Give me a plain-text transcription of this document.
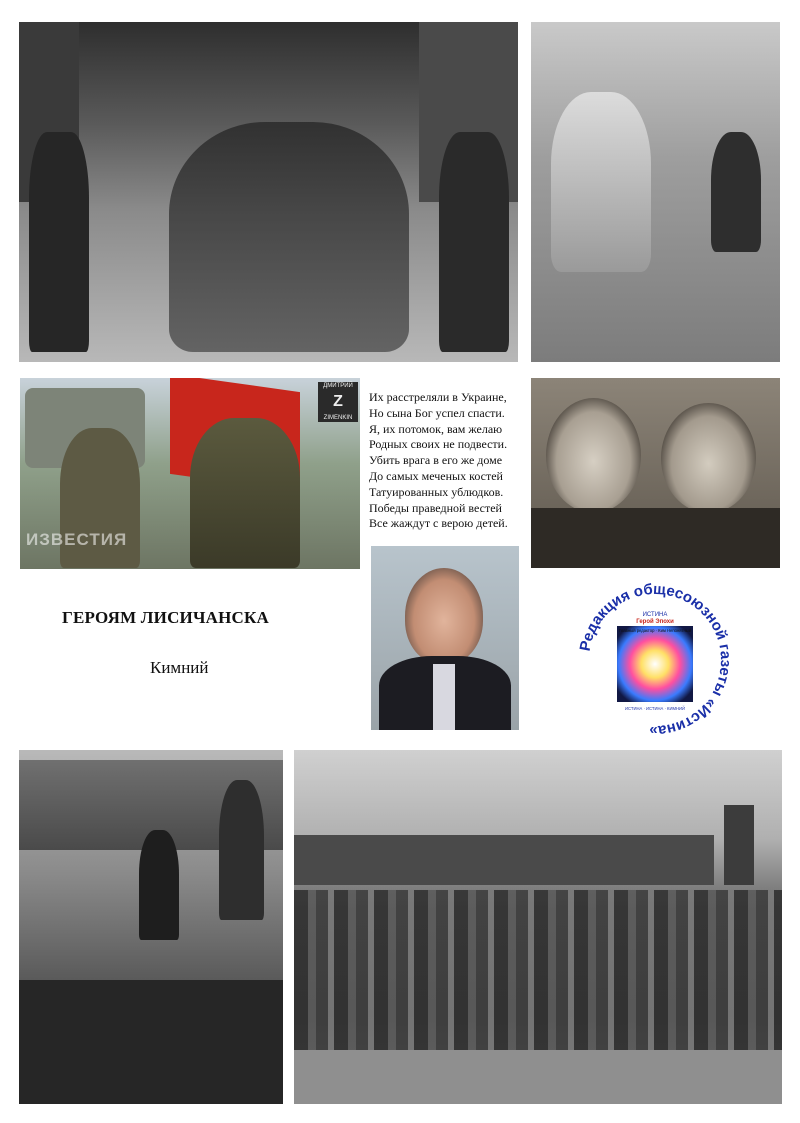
ИЗВЕСТИЯ
ДМИТРИЙ
Z
ZIMENKIN
Их расстреляли в Украине,
Но сына Бог успел спасти.
Я, их потомок, вам желаю
Родных своих не подвести.
Убить врага в его же доме
До самых меченых костей
Татуированных ублюдков.
Победы праведной вестей
Все жаждут с верою детей.
ГЕРОЯМ ЛИСИЧАНСКА
Кимний
Редакция общесоюзной газеты «Истина»
ИСТИНА
Герой Эпохи
Главный редактор · Ким Непонятный
ИСТИНА · ИСТИНА · КИМНИЙ
